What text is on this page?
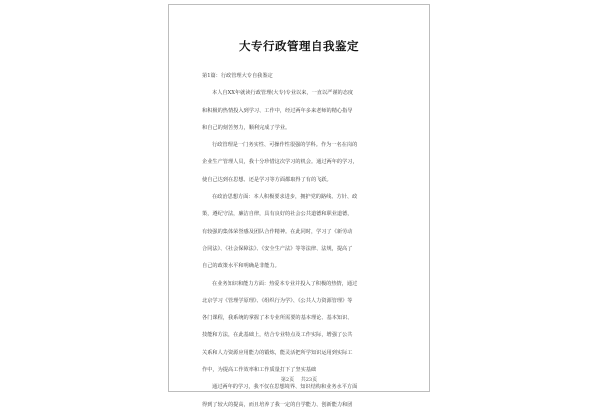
大专行政管理自我鉴定
第1篇：行政管理大专自我鉴定
本人自XX年就读行政管理(大专)专业以来，一直以严谨的态度
和积极的热情投入到学习、工作中，经过两年多来老师的精心指导
和自己的刻苦努力，顺利完成了学业。
行政管理是一门务实性、可操作性很强的学科。作为一名在岗的
企业生产管理人员，我十分珍惜这次学习的机会。通过两年的学习，
使自己达到在思想、还是学习等方面都取得了有的飞跃。
在政治思想方面：本人积极要求进步，拥护党的路线、方针、政
策，遵纪守法，廉洁自律，具有良好的社会公共道德和职业道德，
有较强的集体荣誉感及团队合作精神。在此同时，学习了《新劳动
合同法》、《社会保障法》、《安全生产法》等等法律、法规，提高了
自己的政策水平和明确是非能力。
在业务知识和能力方面：热爱本专业并投入了积极的热情，通过
北京学习《管理学原理》、《组织行为学》、《公共人力资源管理》等
各门课程，我系统的掌握了本专业所需要的基本理论、基本知识、
技能和方法，在此基础上，结合专业特点及工作实际，增强了公共
关系和人力资源应用能力的锻炼，能灵活把所学知识运用到实际工
作中，为提高工作效率和工作质量打下了坚实基础
通过两年的学习，我不仅在思想境界、知识结构和业务水平方面
得到了较大的提高，而且培养了我一定的自学能力、创新能力和团
第2页 共23页
